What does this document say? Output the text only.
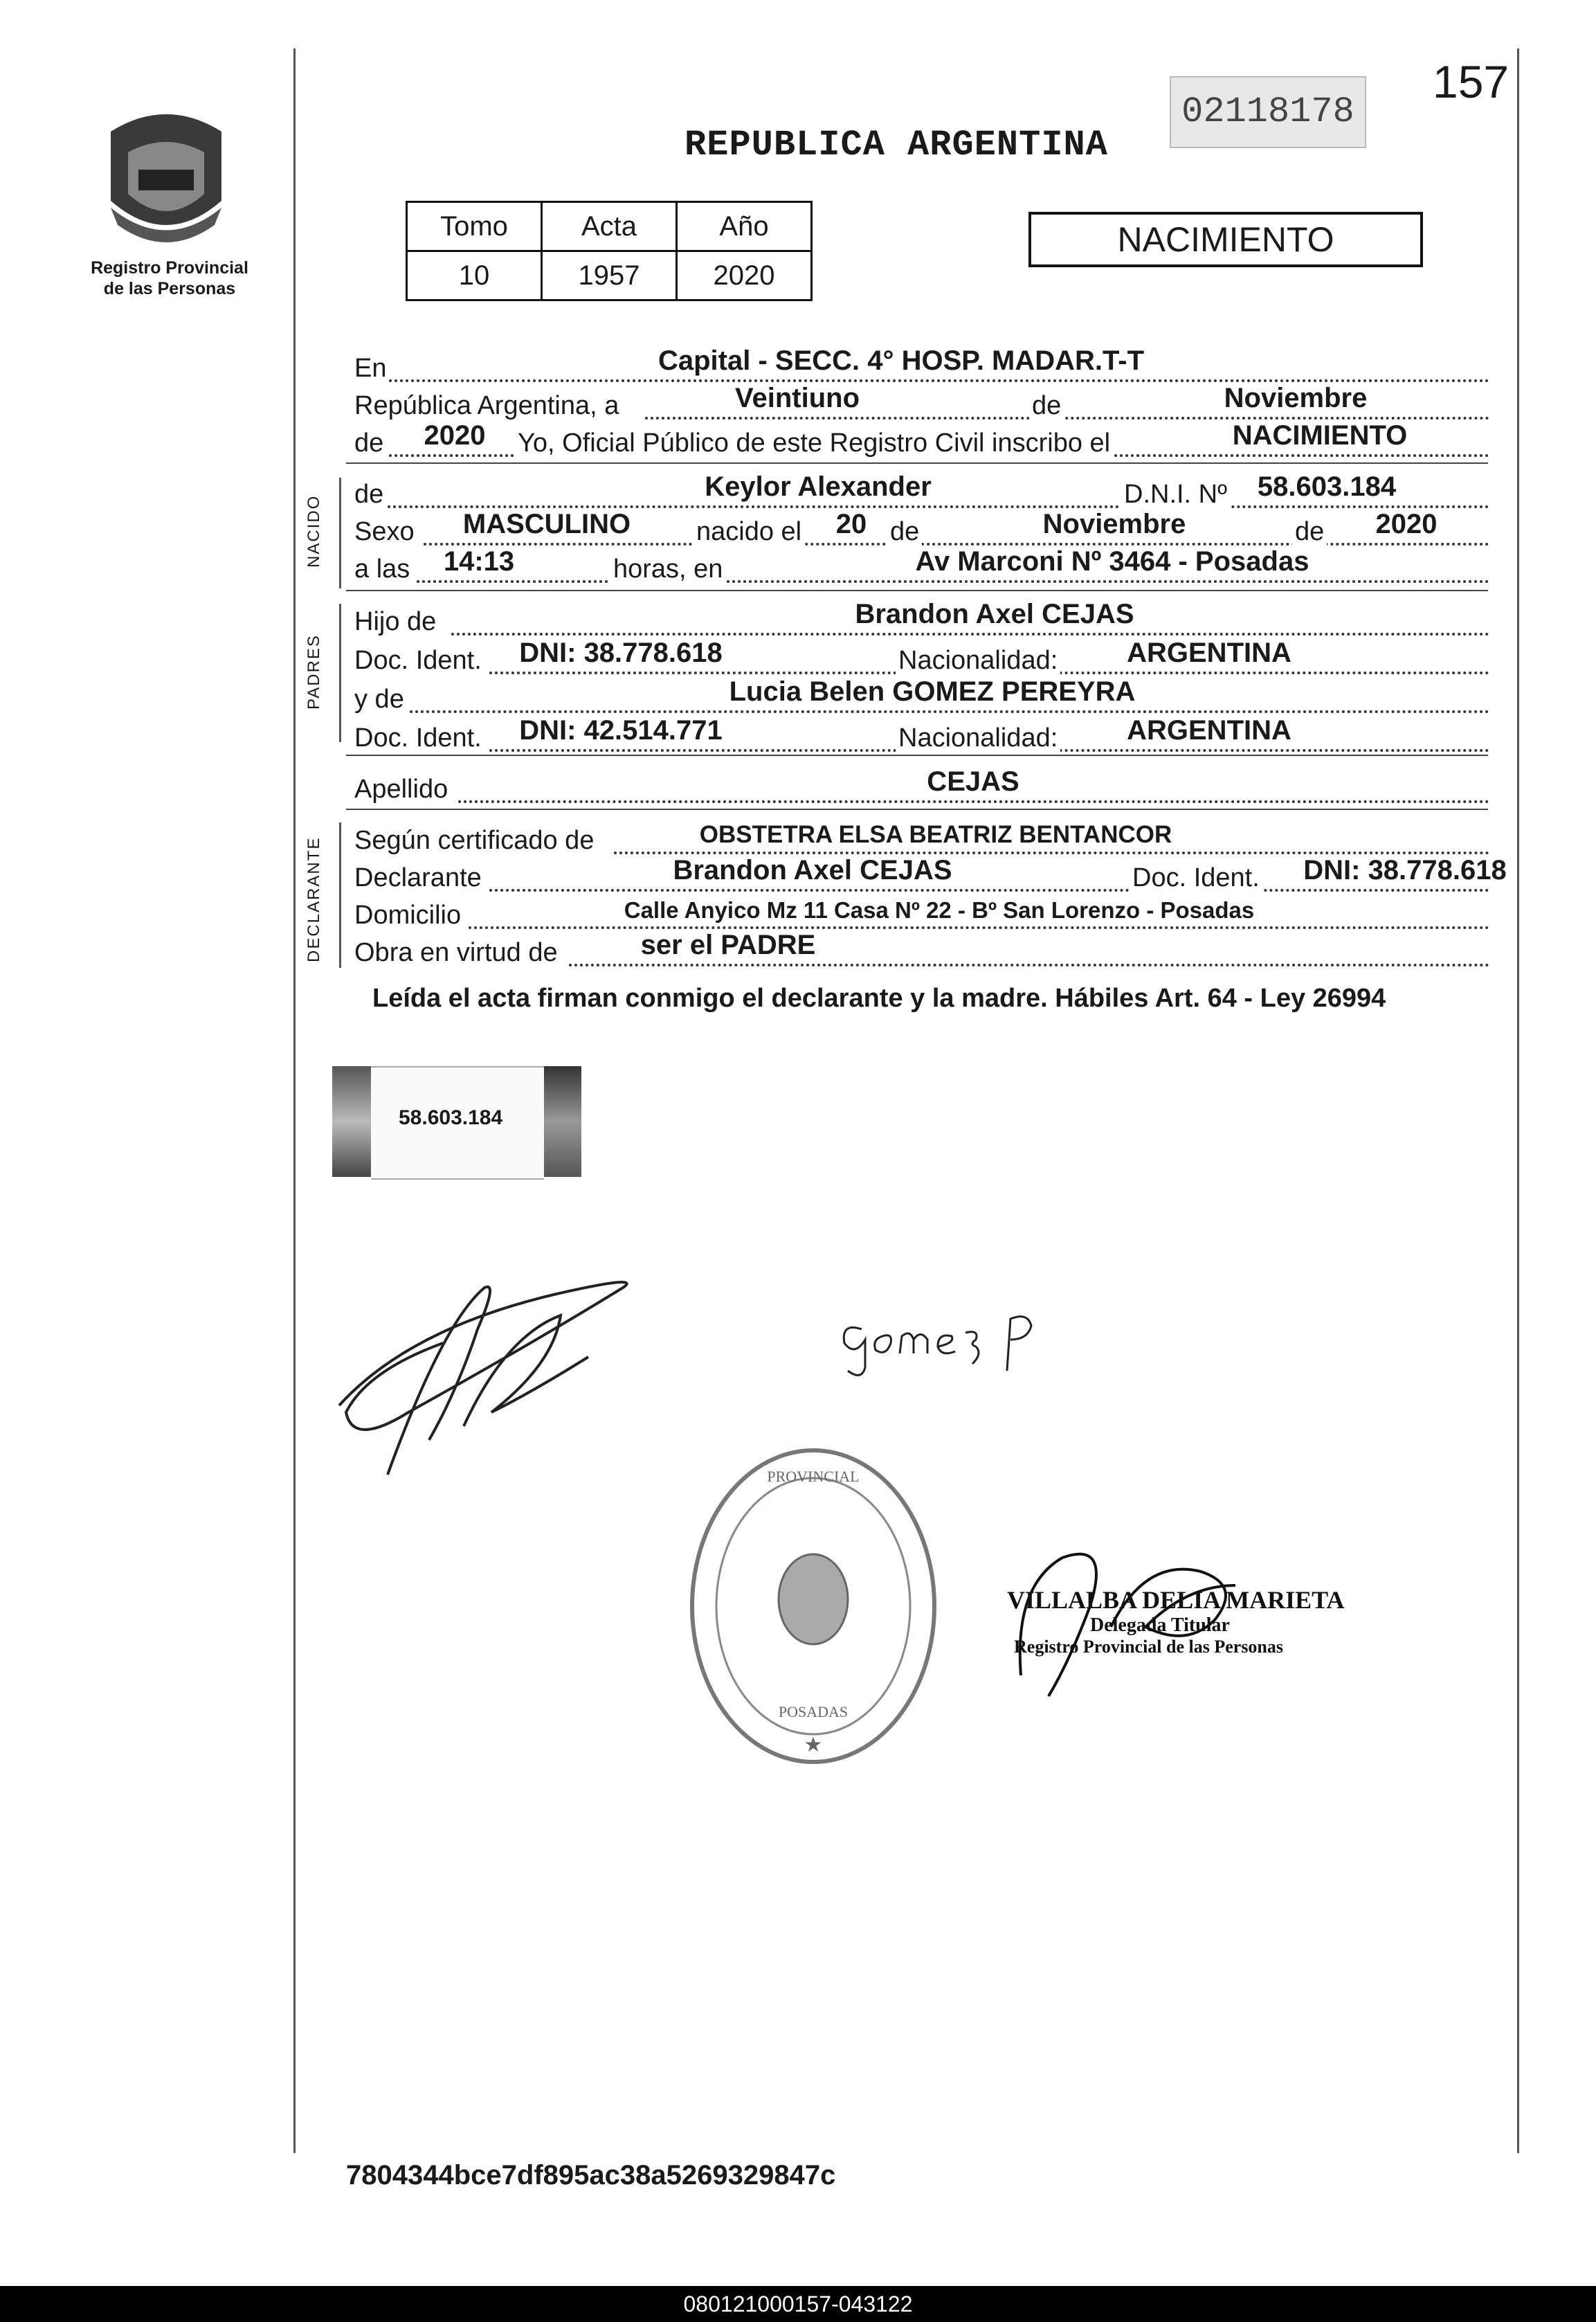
Registro Provincial
de las Personas
REPUBLICA ARGENTINA
02118178
157
Tomo	Acta	Año
10	1957	2020
NACIMIENTO
En	Capital - SECC. 4° HOSP. MADAR.T-T
República Argentina, a	Veintiuno	de	Noviembre
de 2020 Yo, Oficial Público de este Registro Civil inscribo el	NACIMIENTO
NACIDO
de	Keylor Alexander	D.N.I. Nº 58.603.184
Sexo MASCULINO nacido el 20 de	Noviembre	de 2020
a las 14:13	horas, en	Av Marconi Nº 3464 - Posadas
PADRES
Hijo de	Brandon Axel CEJAS
Doc. Ident. DNI: 38.778.618	Nacionalidad: ARGENTINA
y de	Lucia Belen GOMEZ PEREYRA
Doc. Ident. DNI: 42.514.771	Nacionalidad: ARGENTINA
Apellido	CEJAS
DECLARANTE Según certificado de	OBSTETRA ELSA BEATRIZ BENTANCOR
Declarante	Brandon Axel CEJAS	Doc. Ident. DNI: 38.778.618
Domicilio	Calle Anyico Mz 11 Casa Nº 22 - Bº San Lorenzo - Posadas
Obra en virtud de	ser el PADRE
Leída el acta firman conmigo el declarante y la madre. Hábiles Art. 64 - Ley 26994
58.603.184
PROVINCIAL
POSADAS
★
VILLALBA DELIA MARIETA
Delegada Titular
Registro Provincial de las Personas
7804344bce7df895ac38a5269329847c
080121000157-043122
